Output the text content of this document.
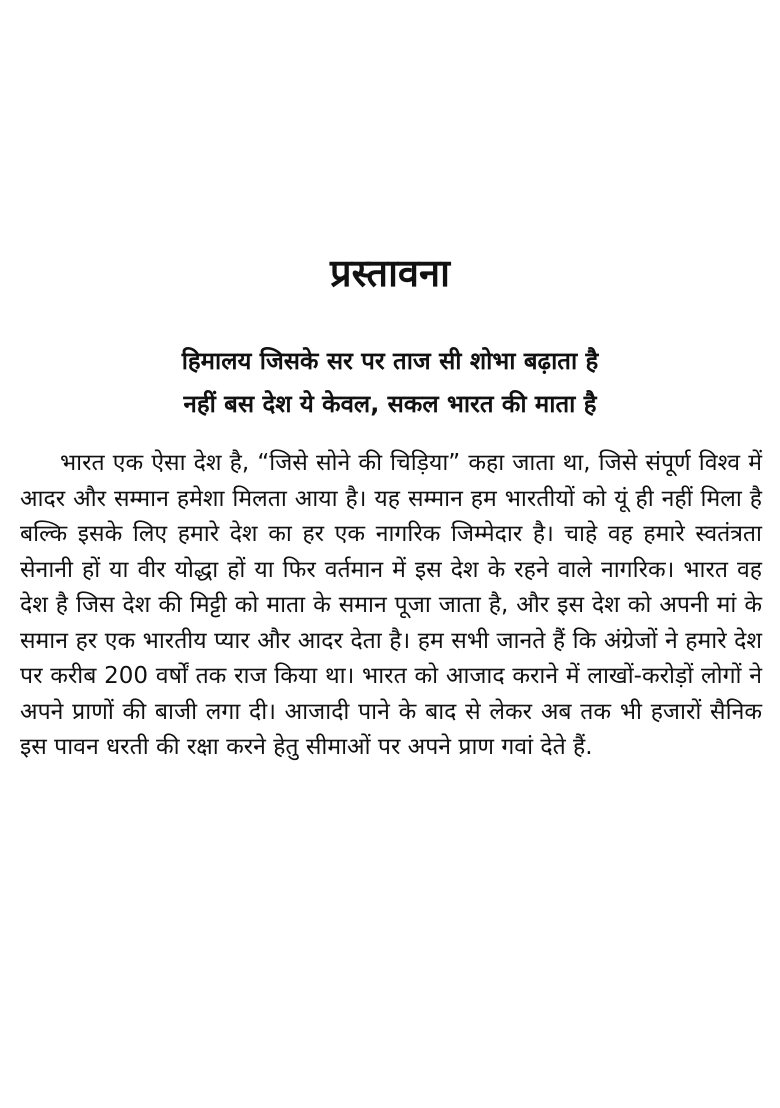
प्रस्तावना
हिमालय जिसके सर पर ताज सी शोभा बढ़ाता है
नहीं बस देश ये केवल, सकल भारत की माता है

भारत एक ऐसा देश है, “जिसे सोने की चिड़िया” कहा जाता था, जिसे संपूर्ण विश्व में आदर और सम्मान हमेशा मिलता आया है। यह सम्मान हम भारतीयों को यूं ही नहीं मिला है बल्कि इसके लिए हमारे देश का हर एक नागरिक जिम्मेदार है। चाहे वह हमारे स्वतंत्रता सेनानी हों या वीर योद्धा हों या फिर वर्तमान में इस देश के रहने वाले नागरिक। भारत वह देश है जिस देश की मिट्टी को माता के समान पूजा जाता है, और इस देश को अपनी मां के समान हर एक भारतीय प्यार और आदर देता है। हम सभी जानते हैं कि अंग्रेजों ने हमारे देश पर करीब 200 वर्षों तक राज किया था। भारत को आजाद कराने में लाखों-करोड़ों लोगों ने अपने प्राणों की बाजी लगा दी। आजादी पाने के बाद से लेकर अब तक भी हजारों सैनिक इस पावन धरती की रक्षा करने हेतु सीमाओं पर अपने प्राण गवां देते हैं.
